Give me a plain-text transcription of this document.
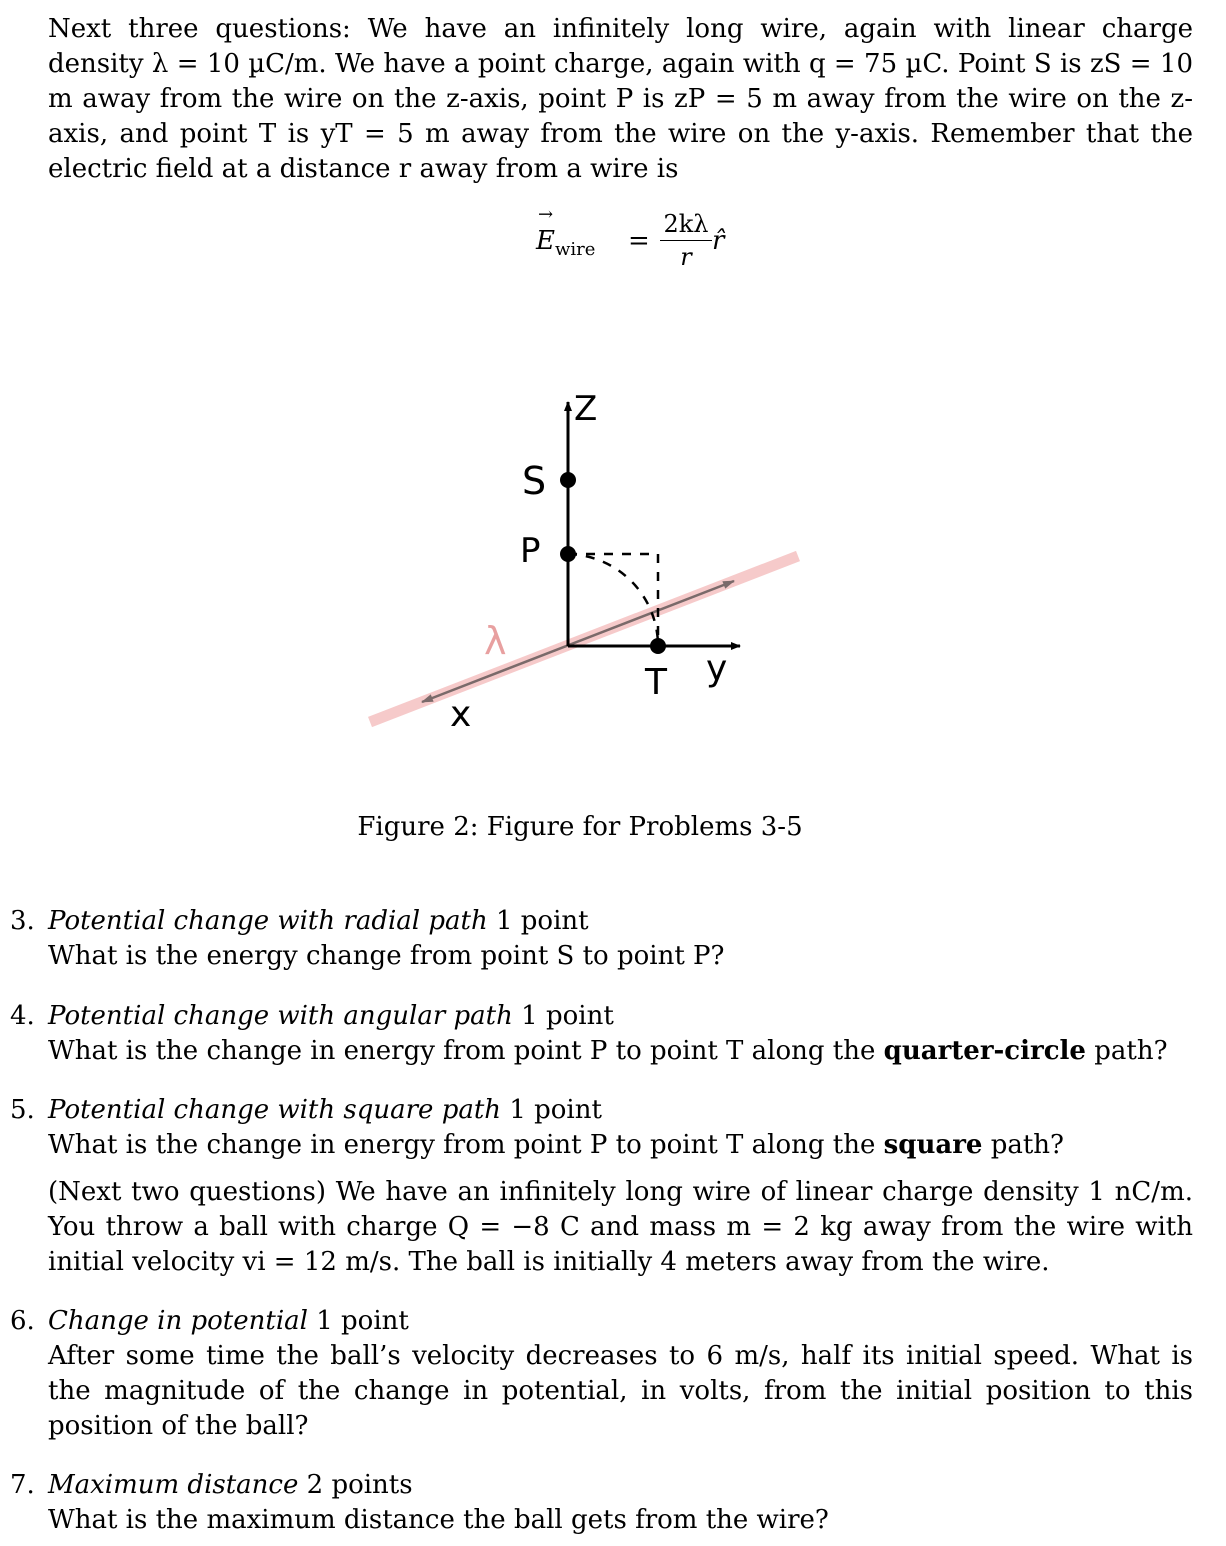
Next three questions: We have an infinitely long wire, again with linear charge density λ = 10 µC/m. We have a point charge, again with q = 75 µC. Point S is zS = 10 m away from the wire on the z-axis, point P is zP = 5 m away from the wire on the z-axis, and point T is yT = 5 m away from the wire on the y-axis. Remember that the electric field at a distance r away from a wire is
E
→
$_{wire}$ =
2kλ
r
r̂
Z
S
P
λ
T y
x
Figure 2: Figure for Problems 3-5
3. Potential change with radial path 1 point
What is the energy change from point S to point P?
4. Potential change with angular path 1 point
What is the change in energy from point P to point T along the quarter-circle path?
5. Potential change with square path 1 point
What is the change in energy from point P to point T along the square path?
(Next two questions) We have an infinitely long wire of linear charge density 1 nC/m. You throw a ball with charge Q = −8 C and mass m = 2 kg away from the wire with initial velocity vi = 12 m/s. The ball is initially 4 meters away from the wire.
6. Change in potential 1 point
After some time the ball’s velocity decreases to 6 m/s, half its initial speed. What is the magnitude of the change in potential, in volts, from the initial position to this position of the ball?
7. Maximum distance 2 points
What is the maximum distance the ball gets from the wire?
